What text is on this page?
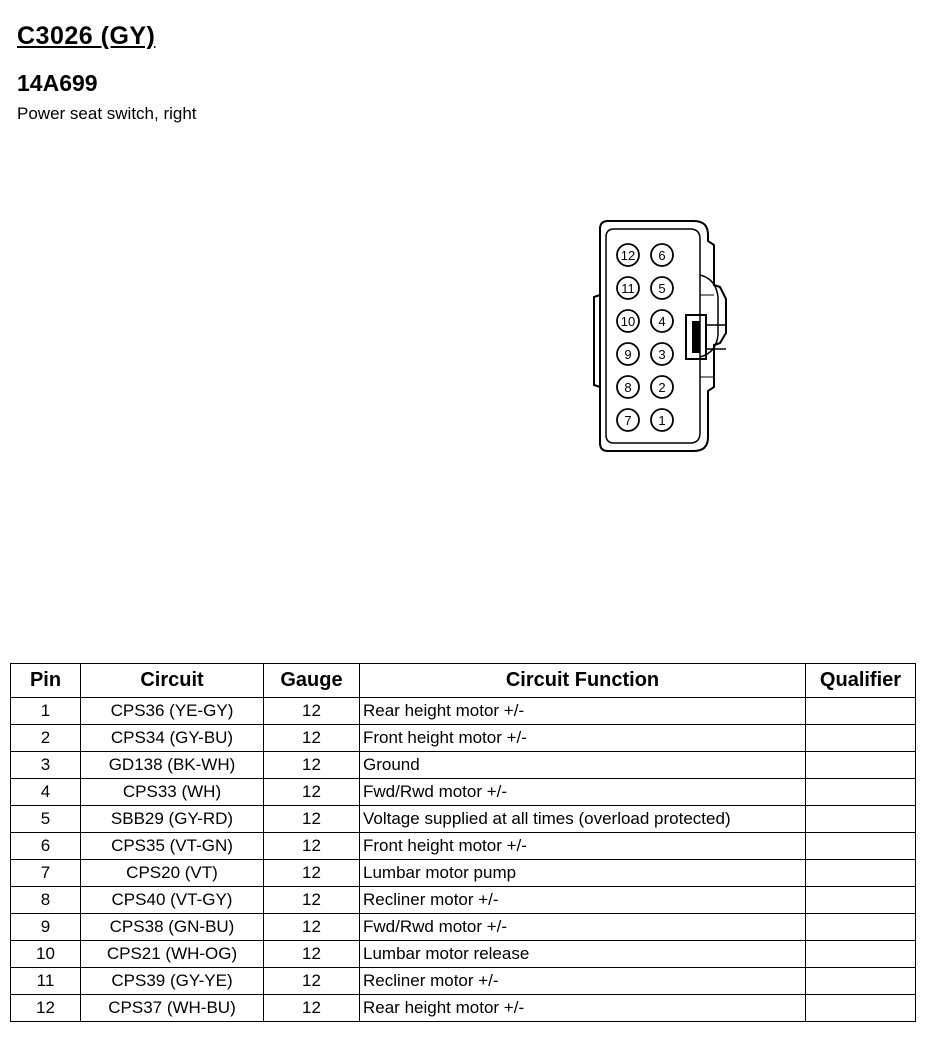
C3026 (GY)
14A699
Power seat switch, right
12
11
10
9
8
7
6
5
4
3
2
1
Pin	Circuit	Gauge	Circuit Function	Qualifier
1	CPS36 (YE-GY)	12	Rear height motor +/-	
2	CPS34 (GY-BU)	12	Front height motor +/-	
3	GD138 (BK-WH)	12	Ground	
4	CPS33 (WH)	12	Fwd/Rwd motor +/-	
5	SBB29 (GY-RD)	12	Voltage supplied at all times (overload protected)	
6	CPS35 (VT-GN)	12	Front height motor +/-	
7	CPS20 (VT)	12	Lumbar motor pump	
8	CPS40 (VT-GY)	12	Recliner motor +/-	
9	CPS38 (GN-BU)	12	Fwd/Rwd motor +/-	
10	CPS21 (WH-OG)	12	Lumbar motor release	
11	CPS39 (GY-YE)	12	Recliner motor +/-	
12	CPS37 (WH-BU)	12	Rear height motor +/-	
